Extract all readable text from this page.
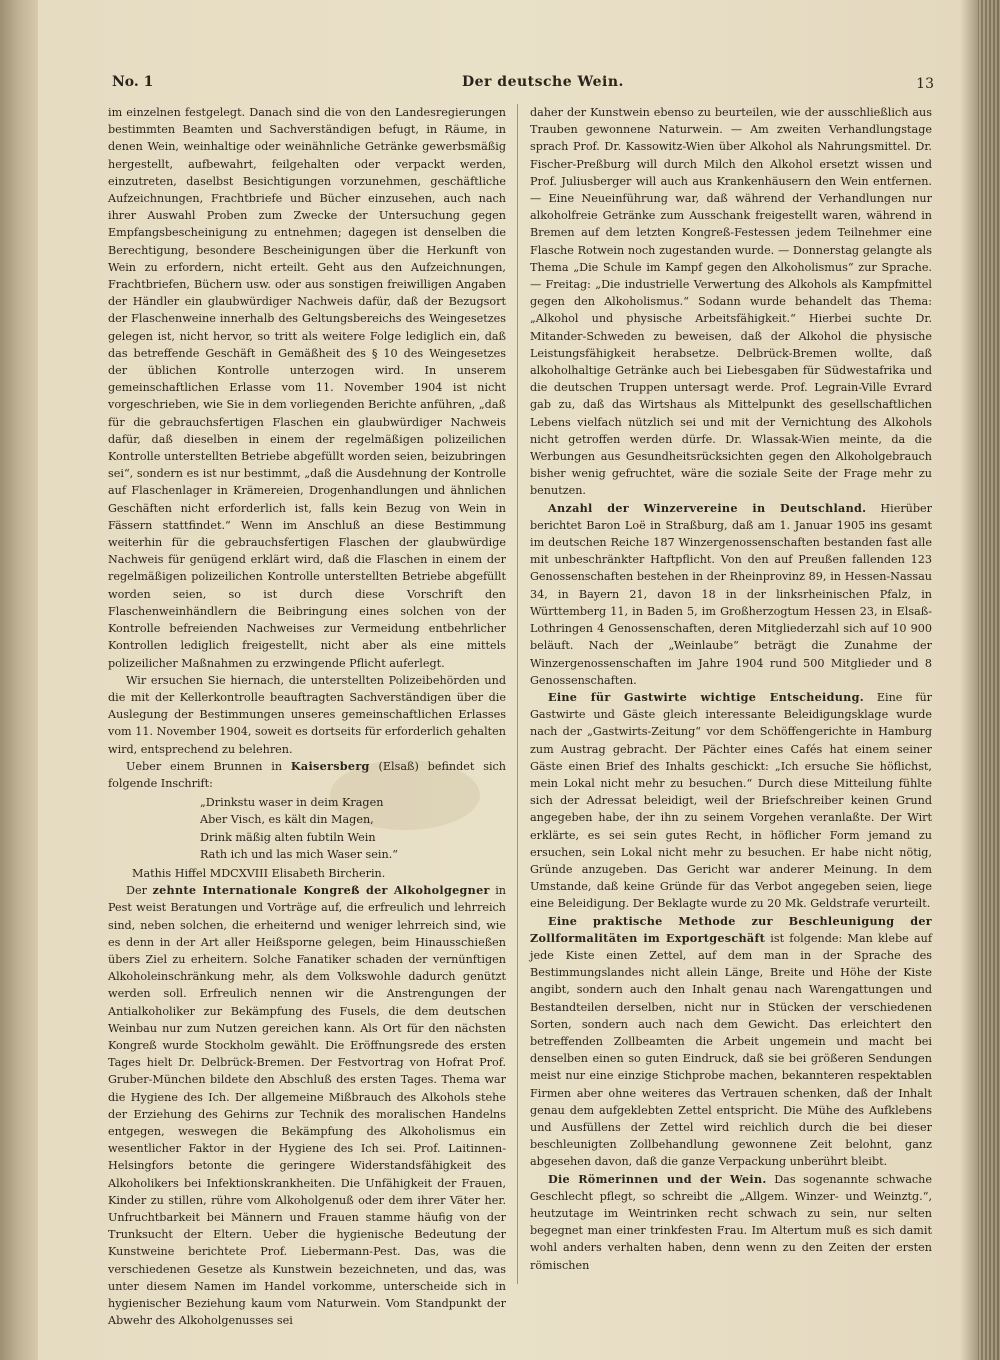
No. 1	Der deutsche Wein.	13

im einzelnen festgelegt. Danach sind die von den Landesregierungen bestimmten Beamten und Sachverständigen befugt, in Räume, in denen Wein, weinhaltige oder weinähnliche Getränke gewerbsmäßig hergestellt, aufbewahrt, feilgehalten oder verpackt werden, einzutreten, daselbst Besichtigungen vorzunehmen, geschäftliche Aufzeichnungen, Frachtbriefe und Bücher einzusehen, auch nach ihrer Auswahl Proben zum Zwecke der Untersuchung gegen Empfangsbescheinigung zu entnehmen; dagegen ist denselben die Berechtigung, besondere Bescheinigungen über die Herkunft von Wein zu erfordern, nicht erteilt. Geht aus den Aufzeichnungen, Frachtbriefen, Büchern usw. oder aus sonstigen freiwilligen Angaben der Händler ein glaubwürdiger Nachweis dafür, daß der Bezugsort der Flaschenweine innerhalb des Geltungsbereichs des Weingesetzes gelegen ist, nicht hervor, so tritt als weitere Folge lediglich ein, daß das betreffende Geschäft in Gemäßheit des § 10 des Weingesetzes der üblichen Kontrolle unterzogen wird. In unserem gemeinschaftlichen Erlasse vom 11. November 1904 ist nicht vorgeschrieben, wie Sie in dem vorliegenden Berichte anführen, „daß für die gebrauchsfertigen Flaschen ein glaubwürdiger Nachweis dafür, daß dieselben in einem der regelmäßigen polizeilichen Kontrolle unterstellten Betriebe abgefüllt worden seien, beizubringen sei“, sondern es ist nur bestimmt, „daß die Ausdehnung der Kontrolle auf Flaschenlager in Krämereien, Drogenhandlungen und ähnlichen Geschäften nicht erforderlich ist, falls kein Bezug von Wein in Fässern stattfindet.“ Wenn im Anschluß an diese Bestimmung weiterhin für die gebrauchsfertigen Flaschen der glaubwürdige Nachweis für genügend erklärt wird, daß die Flaschen in einem der regelmäßigen polizeilichen Kontrolle unterstellten Betriebe abgefüllt worden seien, so ist durch diese Vorschrift den Flaschenweinhändlern die Beibringung eines solchen von der Kontrolle befreienden Nachweises zur Vermeidung entbehrlicher Kontrollen lediglich freigestellt, nicht aber als eine mittels polizeilicher Maßnahmen zu erzwingende Pflicht auferlegt.

Wir ersuchen Sie hiernach, die unterstellten Polizeibehörden und die mit der Kellerkontrolle beauftragten Sachverständigen über die Auslegung der Bestimmungen unseres gemeinschaftlichen Erlasses vom 11. November 1904, soweit es dortseits für erforderlich gehalten wird, entsprechend zu belehren.

Ueber einem Brunnen in Kaisersberg (Elsaß) befindet sich folgende Inschrift:

„Drinkstu waser in deim Kragen
Aber Visch, es kält din Magen,
Drink mäßig alten fubtiln Wein
Rath ich und las mich Waser sein.“
Mathis Hiffel MDCXVIII Elisabeth Bircherin.

Der zehnte Internationale Kongreß der Alkoholgegner in Pest weist Beratungen und Vorträge auf, die erfreulich und lehrreich sind, neben solchen, die erheiternd und weniger lehrreich sind, wie es denn in der Art aller Heißsporne gelegen, beim Hinausschießen übers Ziel zu erheitern. Solche Fanatiker schaden der vernünftigen Alkoholeinschränkung mehr, als dem Volkswohle dadurch genützt werden soll. Erfreulich nennen wir die Anstrengungen der Antialkoholiker zur Bekämpfung des Fusels, die dem deutschen Weinbau nur zum Nutzen gereichen kann. Als Ort für den nächsten Kongreß wurde Stockholm gewählt. Die Eröffnungsrede des ersten Tages hielt Dr. Delbrück-Bremen. Der Festvortrag von Hofrat Prof. Gruber-München bildete den Abschluß des ersten Tages. Thema war die Hygiene des Ich. Der allgemeine Mißbrauch des Alkohols stehe der Erziehung des Gehirns zur Technik des moralischen Handelns entgegen, weswegen die Bekämpfung des Alkoholismus ein wesentlicher Faktor in der Hygiene des Ich sei. Prof. Laitinnen-Helsingfors betonte die geringere Widerstandsfähigkeit des Alkoholikers bei Infektionskrankheiten. Die Unfähigkeit der Frauen, Kinder zu stillen, rühre vom Alkoholgenuß oder dem ihrer Väter her. Unfruchtbarkeit bei Männern und Frauen stamme häufig von der Trunksucht der Eltern. Ueber die hygienische Bedeutung der Kunstweine berichtete Prof. Liebermann-Pest. Das, was die verschiedenen Gesetze als Kunstwein bezeichneten, und das, was unter diesem Namen im Handel vorkomme, unterscheide sich in hygienischer Beziehung kaum vom Naturwein. Vom Standpunkt der Abwehr des Alkoholgenusses sei

daher der Kunstwein ebenso zu beurteilen, wie der ausschließlich aus Trauben gewonnene Naturwein. — Am zweiten Verhandlungstage sprach Prof. Dr. Kassowitz-Wien über Alkohol als Nahrungsmittel. Dr. Fischer-Preßburg will durch Milch den Alkohol ersetzt wissen und Prof. Juliusberger will auch aus Krankenhäusern den Wein entfernen. — Eine Neueinführung war, daß während der Verhandlungen nur alkoholfreie Getränke zum Ausschank freigestellt waren, während in Bremen auf dem letzten Kongreß-Festessen jedem Teilnehmer eine Flasche Rotwein noch zugestanden wurde. — Donnerstag gelangte als Thema „Die Schule im Kampf gegen den Alkoholismus“ zur Sprache. — Freitag: „Die industrielle Verwertung des Alkohols als Kampfmittel gegen den Alkoholismus.“ Sodann wurde behandelt das Thema: „Alkohol und physische Arbeitsfähigkeit.“ Hierbei suchte Dr. Mitander-Schweden zu beweisen, daß der Alkohol die physische Leistungsfähigkeit herabsetze. Delbrück-Bremen wollte, daß alkoholhaltige Getränke auch bei Liebesgaben für Südwestafrika und die deutschen Truppen untersagt werde. Prof. Legrain-Ville Evrard gab zu, daß das Wirtshaus als Mittelpunkt des gesellschaftlichen Lebens vielfach nützlich sei und mit der Vernichtung des Alkohols nicht getroffen werden dürfe. Dr. Wlassak-Wien meinte, da die Werbungen aus Gesundheitsrücksichten gegen den Alkoholgebrauch bisher wenig gefruchtet, wäre die soziale Seite der Frage mehr zu benutzen.

Anzahl der Winzervereine in Deutschland. Hierüber berichtet Baron Loë in Straßburg, daß am 1. Januar 1905 ins gesamt im deutschen Reiche 187 Winzergenossenschaften bestanden fast alle mit unbeschränkter Haftpflicht. Von den auf Preußen fallenden 123 Genossenschaften bestehen in der Rheinprovinz 89, in Hessen-Nassau 34, in Bayern 21, davon 18 in der linksrheinischen Pfalz, in Württemberg 11, in Baden 5, im Großherzogtum Hessen 23, in Elsaß-Lothringen 4 Genossenschaften, deren Mitgliederzahl sich auf 10 900 beläuft. Nach der „Weinlaube“ beträgt die Zunahme der Winzergenossenschaften im Jahre 1904 rund 500 Mitglieder und 8 Genossenschaften.

Eine für Gastwirte wichtige Entscheidung. Eine für Gastwirte und Gäste gleich interessante Beleidigungsklage wurde nach der „Gastwirts-Zeitung“ vor dem Schöffengerichte in Hamburg zum Austrag gebracht. Der Pächter eines Cafés hat einem seiner Gäste einen Brief des Inhalts geschickt: „Ich ersuche Sie höflichst, mein Lokal nicht mehr zu besuchen.“ Durch diese Mitteilung fühlte sich der Adressat beleidigt, weil der Briefschreiber keinen Grund angegeben habe, der ihn zu seinem Vorgehen veranlaßte. Der Wirt erklärte, es sei sein gutes Recht, in höflicher Form jemand zu ersuchen, sein Lokal nicht mehr zu besuchen. Er habe nicht nötig, Gründe anzugeben. Das Gericht war anderer Meinung. In dem Umstande, daß keine Gründe für das Verbot angegeben seien, liege eine Beleidigung. Der Beklagte wurde zu 20 Mk. Geldstrafe verurteilt.

Eine praktische Methode zur Beschleunigung der Zollformalitäten im Exportgeschäft ist folgende: Man klebe auf jede Kiste einen Zettel, auf dem man in der Sprache des Bestimmungslandes nicht allein Länge, Breite und Höhe der Kiste angibt, sondern auch den Inhalt genau nach Warengattungen und Bestandteilen derselben, nicht nur in Stücken der verschiedenen Sorten, sondern auch nach dem Gewicht. Das erleichtert den betreffenden Zollbeamten die Arbeit ungemein und macht bei denselben einen so guten Eindruck, daß sie bei größeren Sendungen meist nur eine einzige Stichprobe machen, bekannteren respektablen Firmen aber ohne weiteres das Vertrauen schenken, daß der Inhalt genau dem aufgeklebten Zettel entspricht. Die Mühe des Aufklebens und Ausfüllens der Zettel wird reichlich durch die bei dieser beschleunigten Zollbehandlung gewonnene Zeit belohnt, ganz abgesehen davon, daß die ganze Verpackung unberührt bleibt.

Die Römerinnen und der Wein. Das sogenannte schwache Geschlecht pflegt, so schreibt die „Allgem. Winzer- und Weinztg.“, heutzutage im Weintrinken recht schwach zu sein, nur selten begegnet man einer trinkfesten Frau. Im Altertum muß es sich damit wohl anders verhalten haben, denn wenn zu den Zeiten der ersten römischen
